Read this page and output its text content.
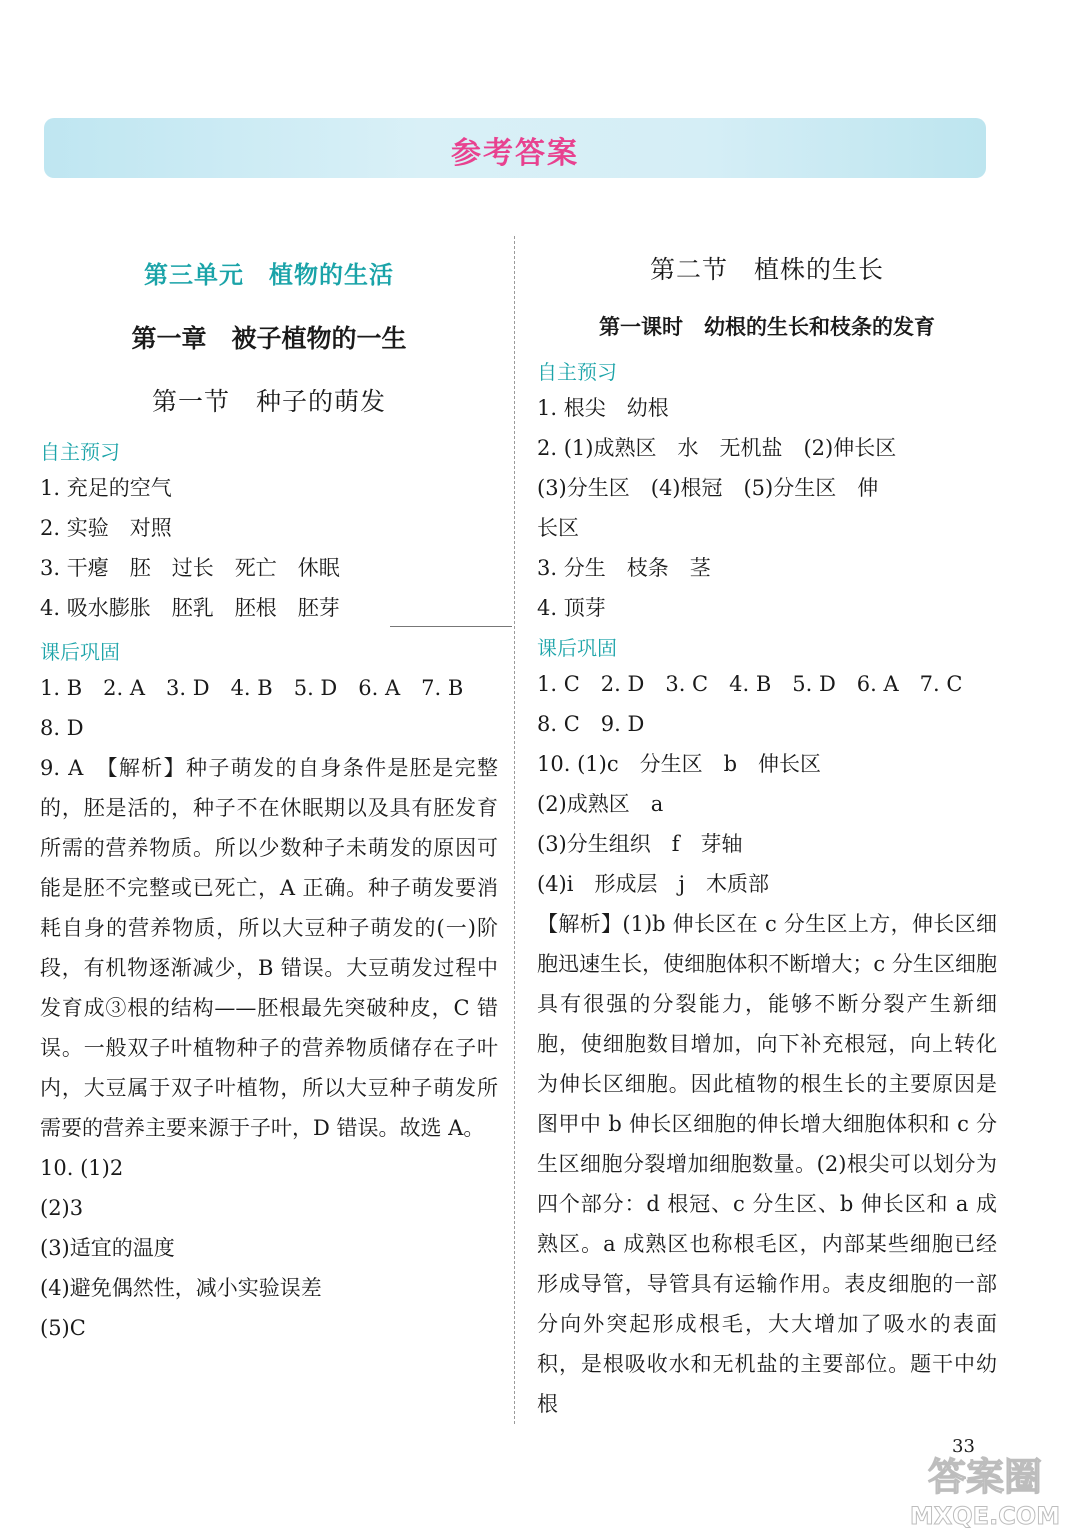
参考答案
第三单元　植物的生活
第一章　被子植物的一生
第一节　种子的萌发
自主预习
1. 充足的空气
2. 实验　对照
3. 干瘪　胚　过长　死亡　休眠
4. 吸水膨胀　胚乳　胚根　胚芽
课后巩固
1. B　2. A　3. D　4. B　5. D　6. A　7. B
8. D
9. A　【解析】种子萌发的自身条件是胚是完整的，胚是活的，种子不在休眠期以及具有胚发育所需的营养物质。所以少数种子未萌发的原因可能是胚不完整或已死亡，A 正确。种子萌发要消耗自身的营养物质，所以大豆种子萌发的(一)阶段，有机物逐渐减少，B 错误。大豆萌发过程中发育成③根的结构——胚根最先突破种皮，C 错误。一般双子叶植物种子的营养物质储存在子叶内，大豆属于双子叶植物，所以大豆种子萌发所需要的营养主要来源于子叶，D 错误。故选 A。
10. (1)2
(2)3
(3)适宜的温度
(4)避免偶然性，减小实验误差
(5)C
第二节　植株的生长
第一课时　幼根的生长和枝条的发育
自主预习
1. 根尖　幼根
2. (1)成熟区　水　无机盐　(2)伸长区
(3)分生区　(4)根冠　(5)分生区　伸
长区
3. 分生　枝条　茎
4. 顶芽
课后巩固
1. C　2. D　3. C　4. B　5. D　6. A　7. C
8. C　9. D
10. (1)c　分生区　b　伸长区
(2)成熟区　a
(3)分生组织　f　芽轴
(4)i　形成层　j　木质部
【解析】(1)b 伸长区在 c 分生区上方，伸长区细胞迅速生长，使细胞体积不断增大；c 分生区细胞具有很强的分裂能力，能够不断分裂产生新细胞，使细胞数目增加，向下补充根冠，向上转化为伸长区细胞。因此植物的根生长的主要原因是图甲中 b 伸长区细胞的伸长增大细胞体积和 c 分生区细胞分裂增加细胞数量。(2)根尖可以划分为四个部分：d 根冠、c 分生区、b 伸长区和 a 成熟区。a 成熟区也称根毛区，内部某些细胞已经形成导管，导管具有运输作用。表皮细胞的一部分向外突起形成根毛，大大增加了吸水的表面积，是根吸收水和无机盐的主要部位。题干中幼根
33
答案圈
MXQE.COM
